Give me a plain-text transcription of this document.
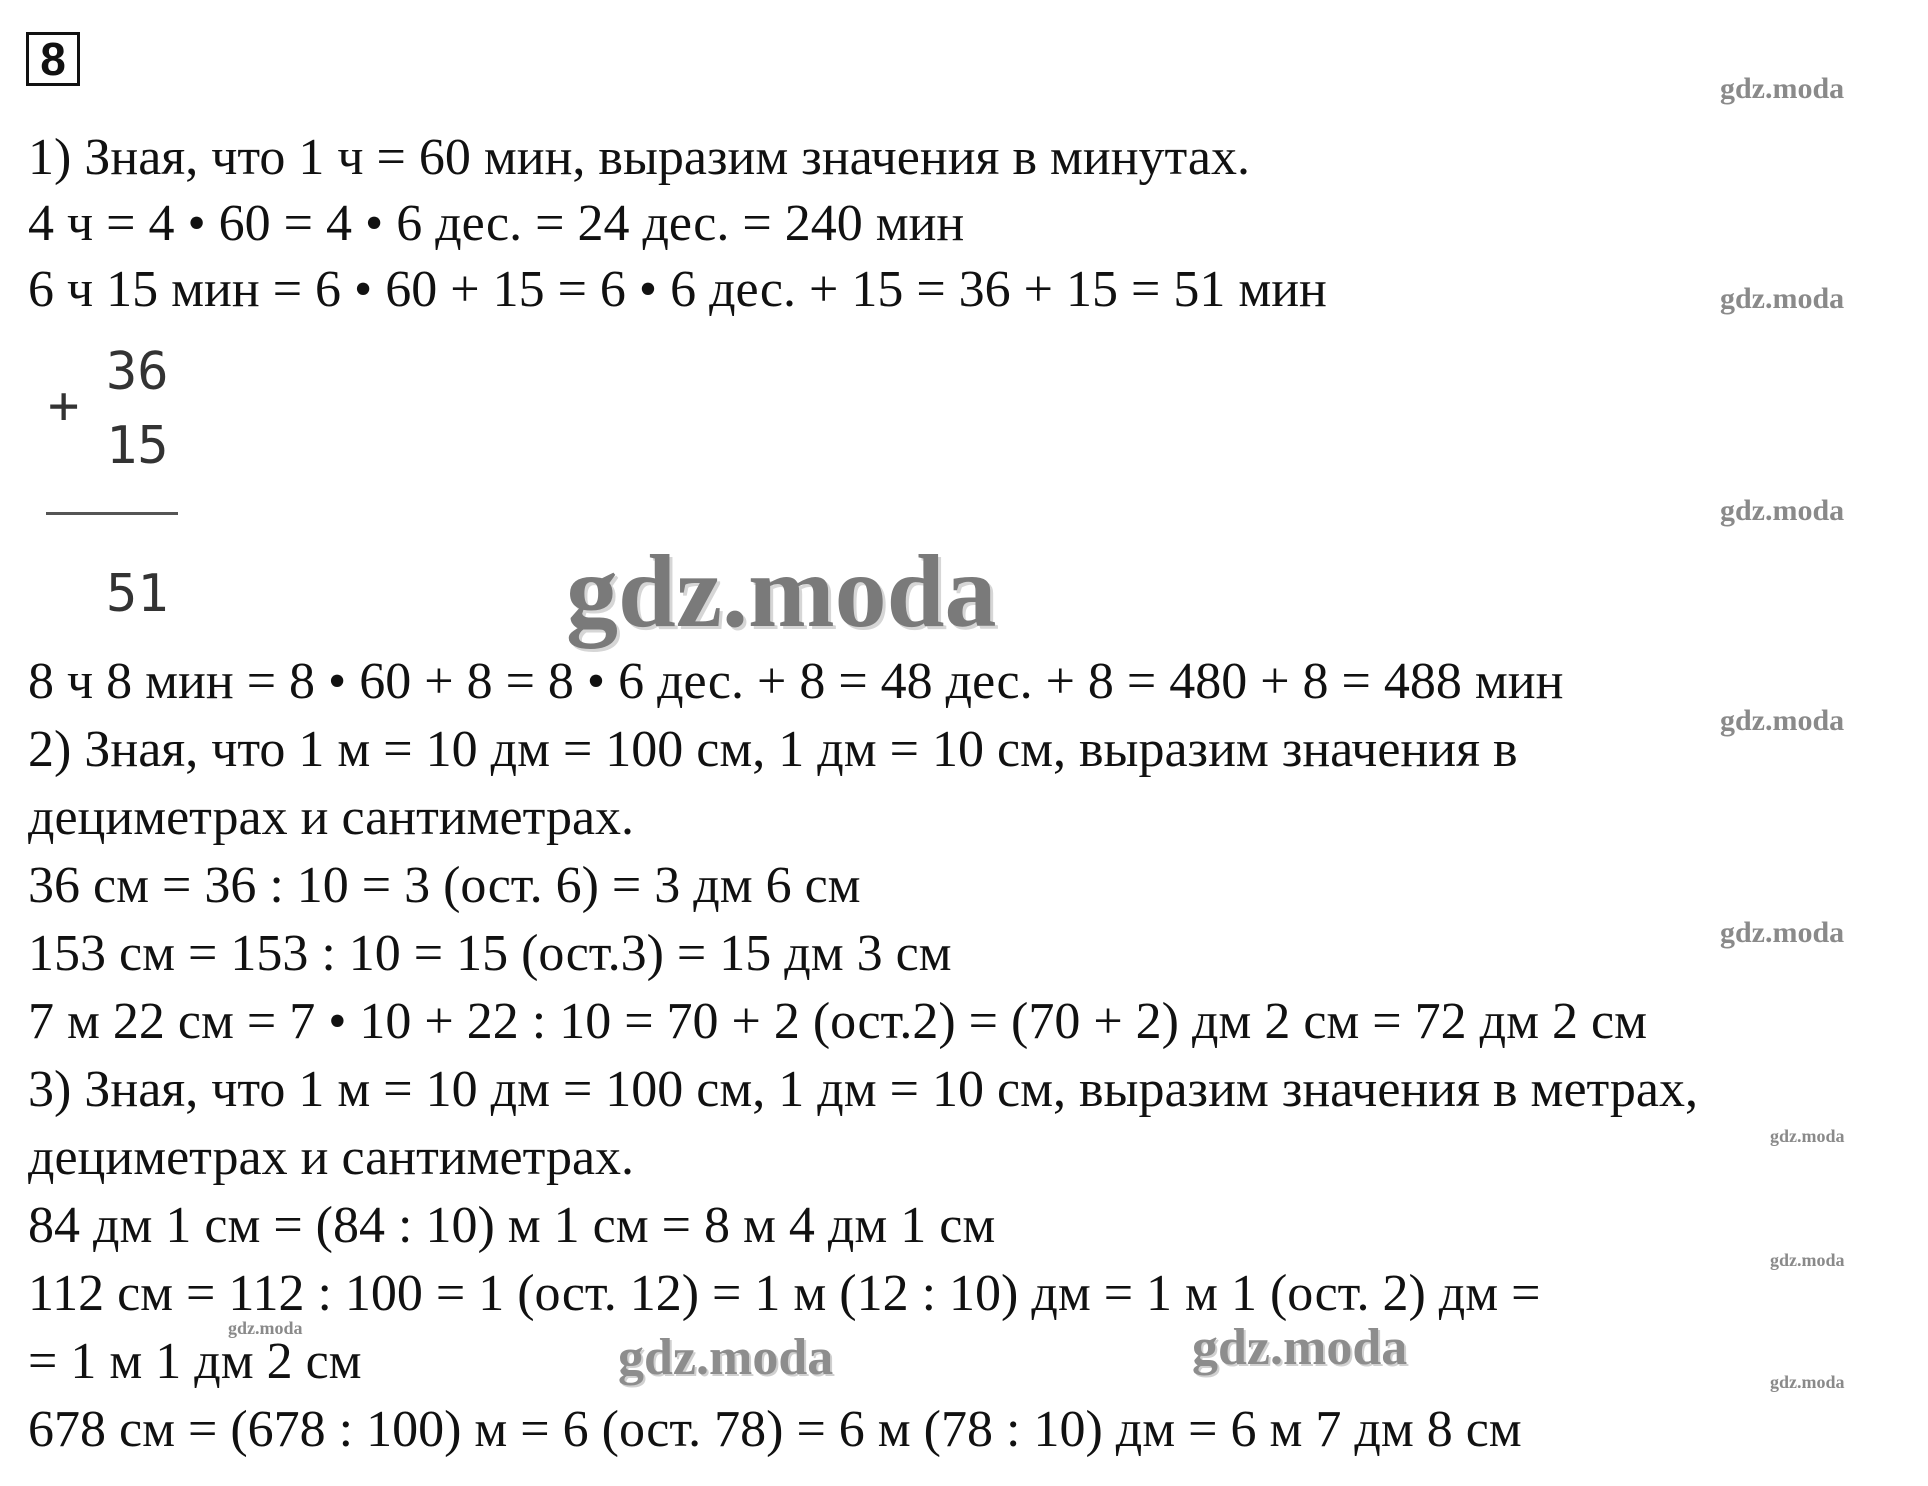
8
1) Зная, что 1 ч = 60 мин, выразим значения в минутах.
4 ч = 4 • 60 = 4 • 6 дес. = 24 дес. = 240 мин
6 ч 15 мин = 6 • 60 + 15 = 6 • 6 дес. + 15 = 36 + 15 = 51 мин
+
36
15
51
8 ч 8 мин = 8 • 60 + 8 = 8 • 6 дес. + 8 = 48 дес. + 8 = 480 + 8 = 488 мин
2) Зная, что 1 м = 10 дм = 100 см, 1 дм = 10 см, выразим значения в
дециметрах и сантиметрах.
36 см = 36 : 10 = 3 (ост. 6) = 3 дм 6 см
153 см = 153 : 10 = 15 (ост.3) = 15 дм 3 см
7 м 22 см = 7 • 10 + 22 : 10 = 70 + 2 (ост.2) = (70 + 2) дм 2 см = 72 дм 2 см
3) Зная, что 1 м = 10 дм = 100 см, 1 дм = 10 см, выразим значения в метрах,
дециметрах и сантиметрах.
84 дм 1 см = (84 : 10) м 1 см = 8 м 4 дм 1 см
112 см = 112 : 100 = 1 (ост. 12) = 1 м (12 : 10) дм = 1 м 1 (ост. 2) дм =
= 1 м 1 дм 2 см
678 см = (678 : 100) м = 6 (ост. 78) = 6 м (78 : 10) дм = 6 м 7 дм 8 см
gdz.moda
gdz.moda
gdz.moda
gdz.moda
gdz.moda
gdz.moda
gdz.moda
gdz.moda
gdz.moda
gdz.moda	gdz.moda
gdz.moda
